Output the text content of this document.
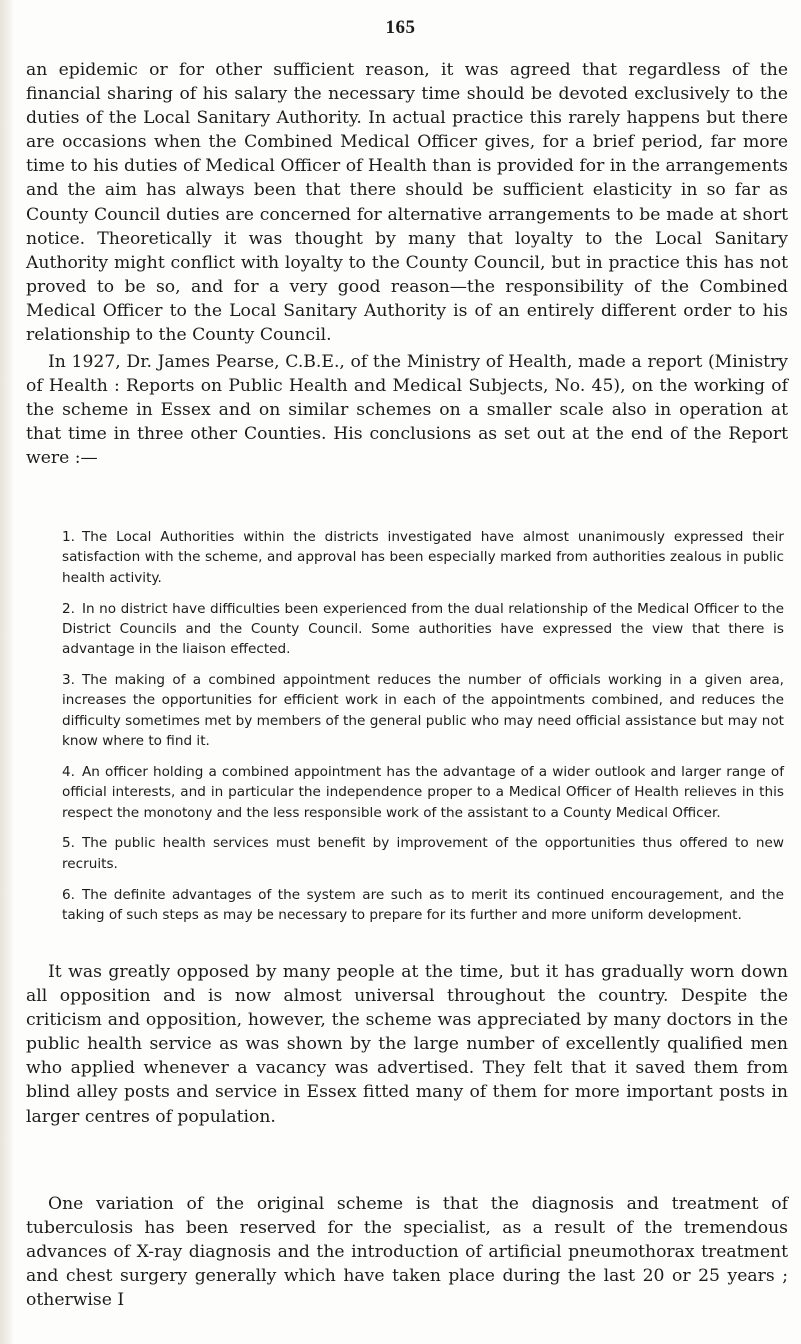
165

an epidemic or for other sufficient reason, it was agreed that regardless of the financial sharing of his salary the necessary time should be devoted exclusively to the duties of the Local Sanitary Authority. In actual practice this rarely happens but there are occasions when the Combined Medical Officer gives, for a brief period, far more time to his duties of Medical Officer of Health than is provided for in the arrangements and the aim has always been that there should be sufficient elasticity in so far as County Council duties are concerned for alternative arrangements to be made at short notice. Theoretically it was thought by many that loyalty to the Local Sanitary Authority might conflict with loyalty to the County Council, but in practice this has not proved to be so, and for a very good reason—the responsibility of the Combined Medical Officer to the Local Sanitary Authority is of an entirely different order to his relationship to the County Council.

In 1927, Dr. James Pearse, C.B.E., of the Ministry of Health, made a report (Ministry of Health : Reports on Public Health and Medical Subjects, No. 45), on the working of the scheme in Essex and on similar schemes on a smaller scale also in operation at that time in three other Counties. His conclusions as set out at the end of the Report were :—

1. The Local Authorities within the districts investigated have almost unanimously expressed their satisfaction with the scheme, and approval has been especially marked from authorities zealous in public health activity.
2. In no district have difficulties been experienced from the dual relationship of the Medical Officer to the District Councils and the County Council. Some authorities have expressed the view that there is advantage in the liaison effected.
3. The making of a combined appointment reduces the number of officials working in a given area, increases the opportunities for efficient work in each of the appointments combined, and reduces the difficulty sometimes met by members of the general public who may need official assistance but may not know where to find it.
4. An officer holding a combined appointment has the advantage of a wider outlook and larger range of official interests, and in particular the independence proper to a Medical Officer of Health relieves in this respect the monotony and the less responsible work of the assistant to a County Medical Officer.
5. The public health services must benefit by improvement of the opportunities thus offered to new recruits.
6. The definite advantages of the system are such as to merit its continued encouragement, and the taking of such steps as may be necessary to prepare for its further and more uniform development.

It was greatly opposed by many people at the time, but it has gradually worn down all opposition and is now almost universal throughout the country. Despite the criticism and opposition, however, the scheme was appreciated by many doctors in the public health service as was shown by the large number of excellently qualified men who applied whenever a vacancy was advertised. They felt that it saved them from blind alley posts and service in Essex fitted many of them for more important posts in larger centres of population.

One variation of the original scheme is that the diagnosis and treatment of tuberculosis has been reserved for the specialist, as a result of the tremendous advances of X-ray diagnosis and the introduction of artificial pneumothorax treatment and chest surgery generally which have taken place during the last 20 or 25 years ; otherwise I
